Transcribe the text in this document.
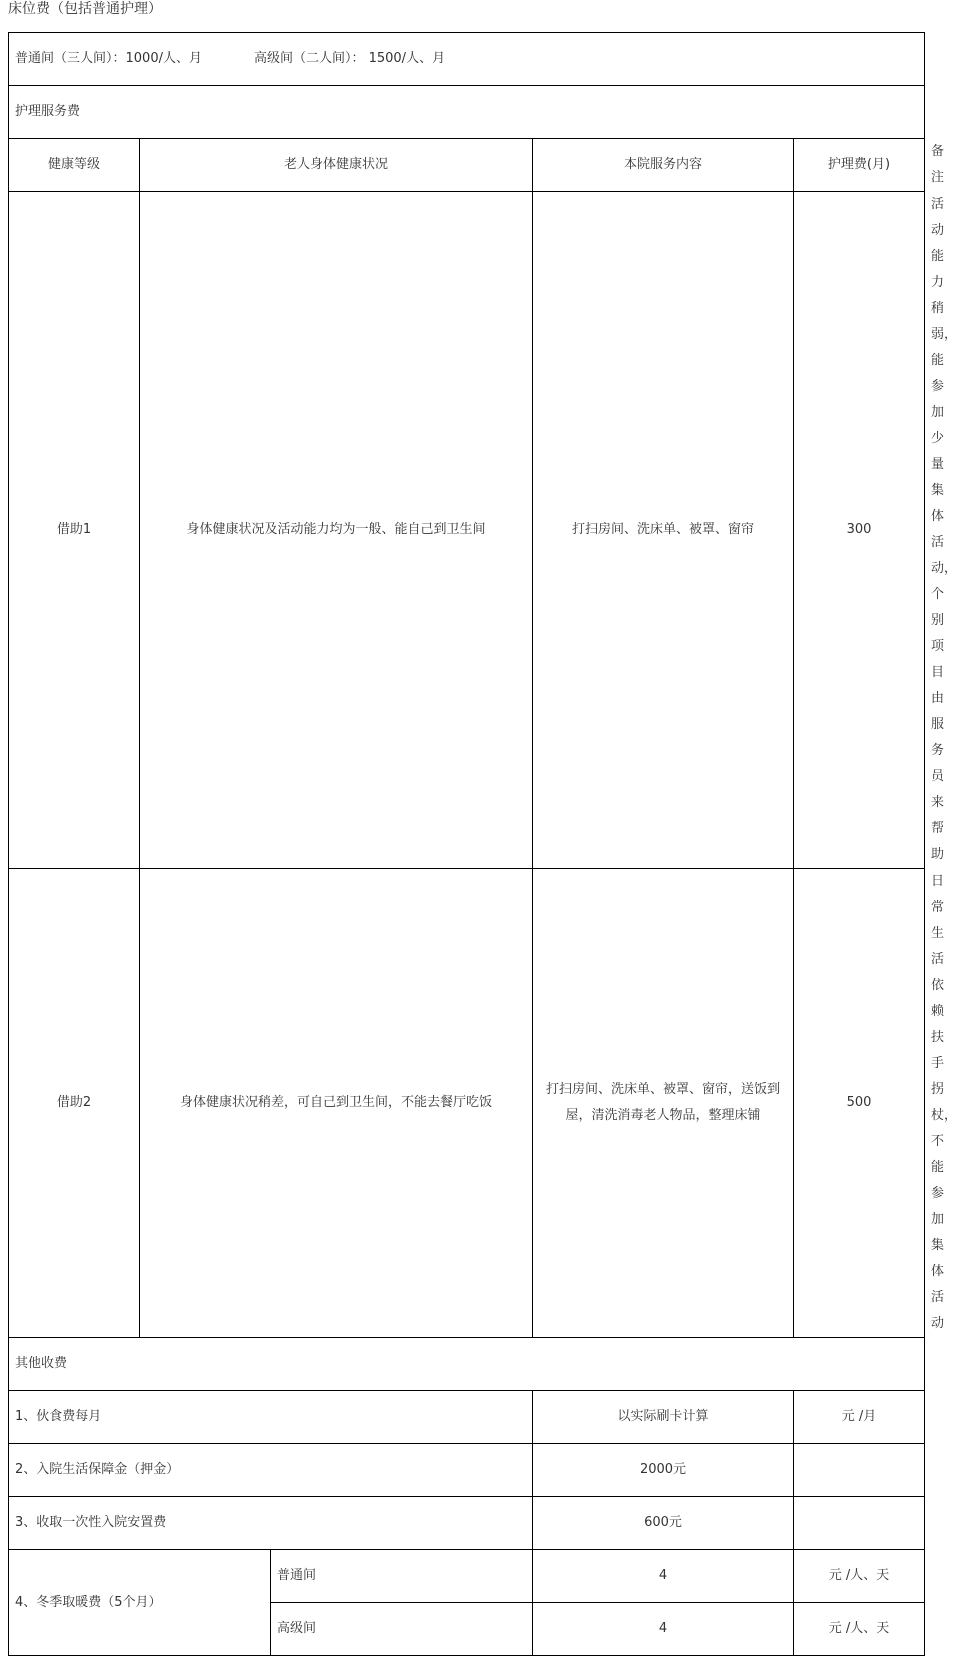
床位费（包括普通护理）
普通间（三人间）：1000/人、月 高级间（二人间）： 1500/人、月					
护理服务费					
健康等级	老人身体健康状况		本院服务内容	护理费(月)	备 注
借助1	身体健康状况及活动能力均为一般、能自己到卫生间		打扫房间、洗床单、被罩、窗帘	300	活动能力稍弱，能参加少量集体活动，个别项目由服务员来帮助
借助2	身体健康状况稍差，可自己到卫生间，不能去餐厅吃饭		打扫房间、洗床单、被罩、窗帘，送饭到屋，清洗消毒老人物品，整理床铺	500	日常生活依赖扶手拐杖，不能参加集体活动
其他收费					
1、伙食费每月			以实际刷卡计算	元 /月	
2、入院生活保障金（押金）			2000元		
3、收取一次性入院安置费			600元		
4、冬季取暖费（5个月）		普通间	4	元 /人、天	
		高级间	4	元 /人、天	
